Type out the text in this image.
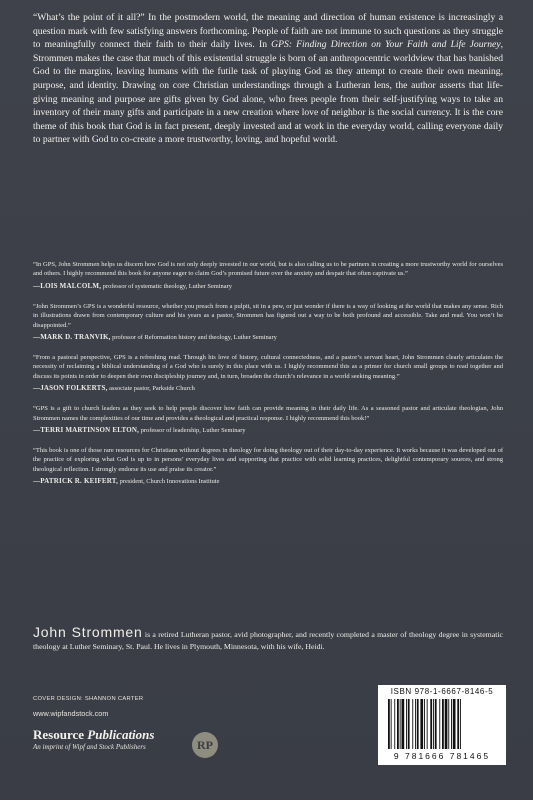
“What’s the point of it all?” In the postmodern world, the meaning and direction of human existence is increasingly a question mark with few satisfying answers forthcoming. People of faith are not immune to such questions as they struggle to meaningfully connect their faith to their daily lives. In GPS: Finding Direction on Your Faith and Life Journey, Strommen makes the case that much of this existential struggle is born of an anthropocentric worldview that has banished God to the margins, leaving humans with the futile task of playing God as they attempt to create their own meaning, purpose, and identity. Drawing on core Christian understandings through a Lutheran lens, the author asserts that life-giving meaning and purpose are gifts given by God alone, who frees people from their self-justifying ways to take an inventory of their many gifts and participate in a new creation where love of neighbor is the social currency. It is the core theme of this book that God is in fact present, deeply invested and at work in the everyday world, calling everyone daily to partner with God to co-create a more trustworthy, loving, and hopeful world.

“In GPS, John Strommen helps us discern how God is not only deeply invested in our world, but is also calling us to be partners in creating a more trustworthy world for ourselves and others. I highly recommend this book for anyone eager to claim God’s promised future over the anxiety and despair that often captivate us.”

—LOIS MALCOLM, professor of systematic theology, Luther Seminary

“John Strommen’s GPS is a wonderful resource, whether you preach from a pulpit, sit in a pew, or just wonder if there is a way of looking at the world that makes any sense. Rich in illustrations drawn from contemporary culture and his years as a pastor, Strommen has figured out a way to be both profound and accessible. Take and read. You won’t be disappointed.”

—MARK D. TRANVIK, professor of Reformation history and theology, Luther Seminary

“From a pastoral perspective, GPS is a refreshing read. Through his love of history, cultural connectedness, and a pastor’s servant heart, John Strommen clearly articulates the necessity of reclaiming a biblical understanding of a God who is surely in this place with us. I highly recommend this as a primer for church small groups to read together and discuss its points in order to deepen their own discipleship journey and, in turn, broaden the church’s relevance in a world seeking meaning.”

—JASON FOLKERTS, associate pastor, Parkside Church

“GPS is a gift to church leaders as they seek to help people discover how faith can provide meaning in their daily life. As a seasoned pastor and articulate theologian, John Strommen names the complexities of our time and provides a theological and practical response. I highly recommend this book!”

—TERRI MARTINSON ELTON, professor of leadership, Luther Seminary

“This book is one of those rare resources for Christians without degrees in theology for doing theology out of their day-to-day experience. It works because it was developed out of the practice of exploring what God is up to in persons’ everyday lives and supporting that practice with solid learning practices, delightful contemporary sources, and strong theological reflection. I strongly endorse its use and praise its creator.”

—PATRICK R. KEIFERT, president, Church Innovations Institute

John Strommen is a retired Lutheran pastor, avid photographer, and recently completed a master of theology degree in systematic theology at Luther Seminary, St. Paul. He lives in Plymouth, Minnesota, with his wife, Heidi.
COVER DESIGN: SHANNON CARTER
www.wipfandstock.com
Resource Publications
An imprint of Wipf and Stock Publishers	RP
ISBN 978-1-6667-8146-5
9 781666 781465
